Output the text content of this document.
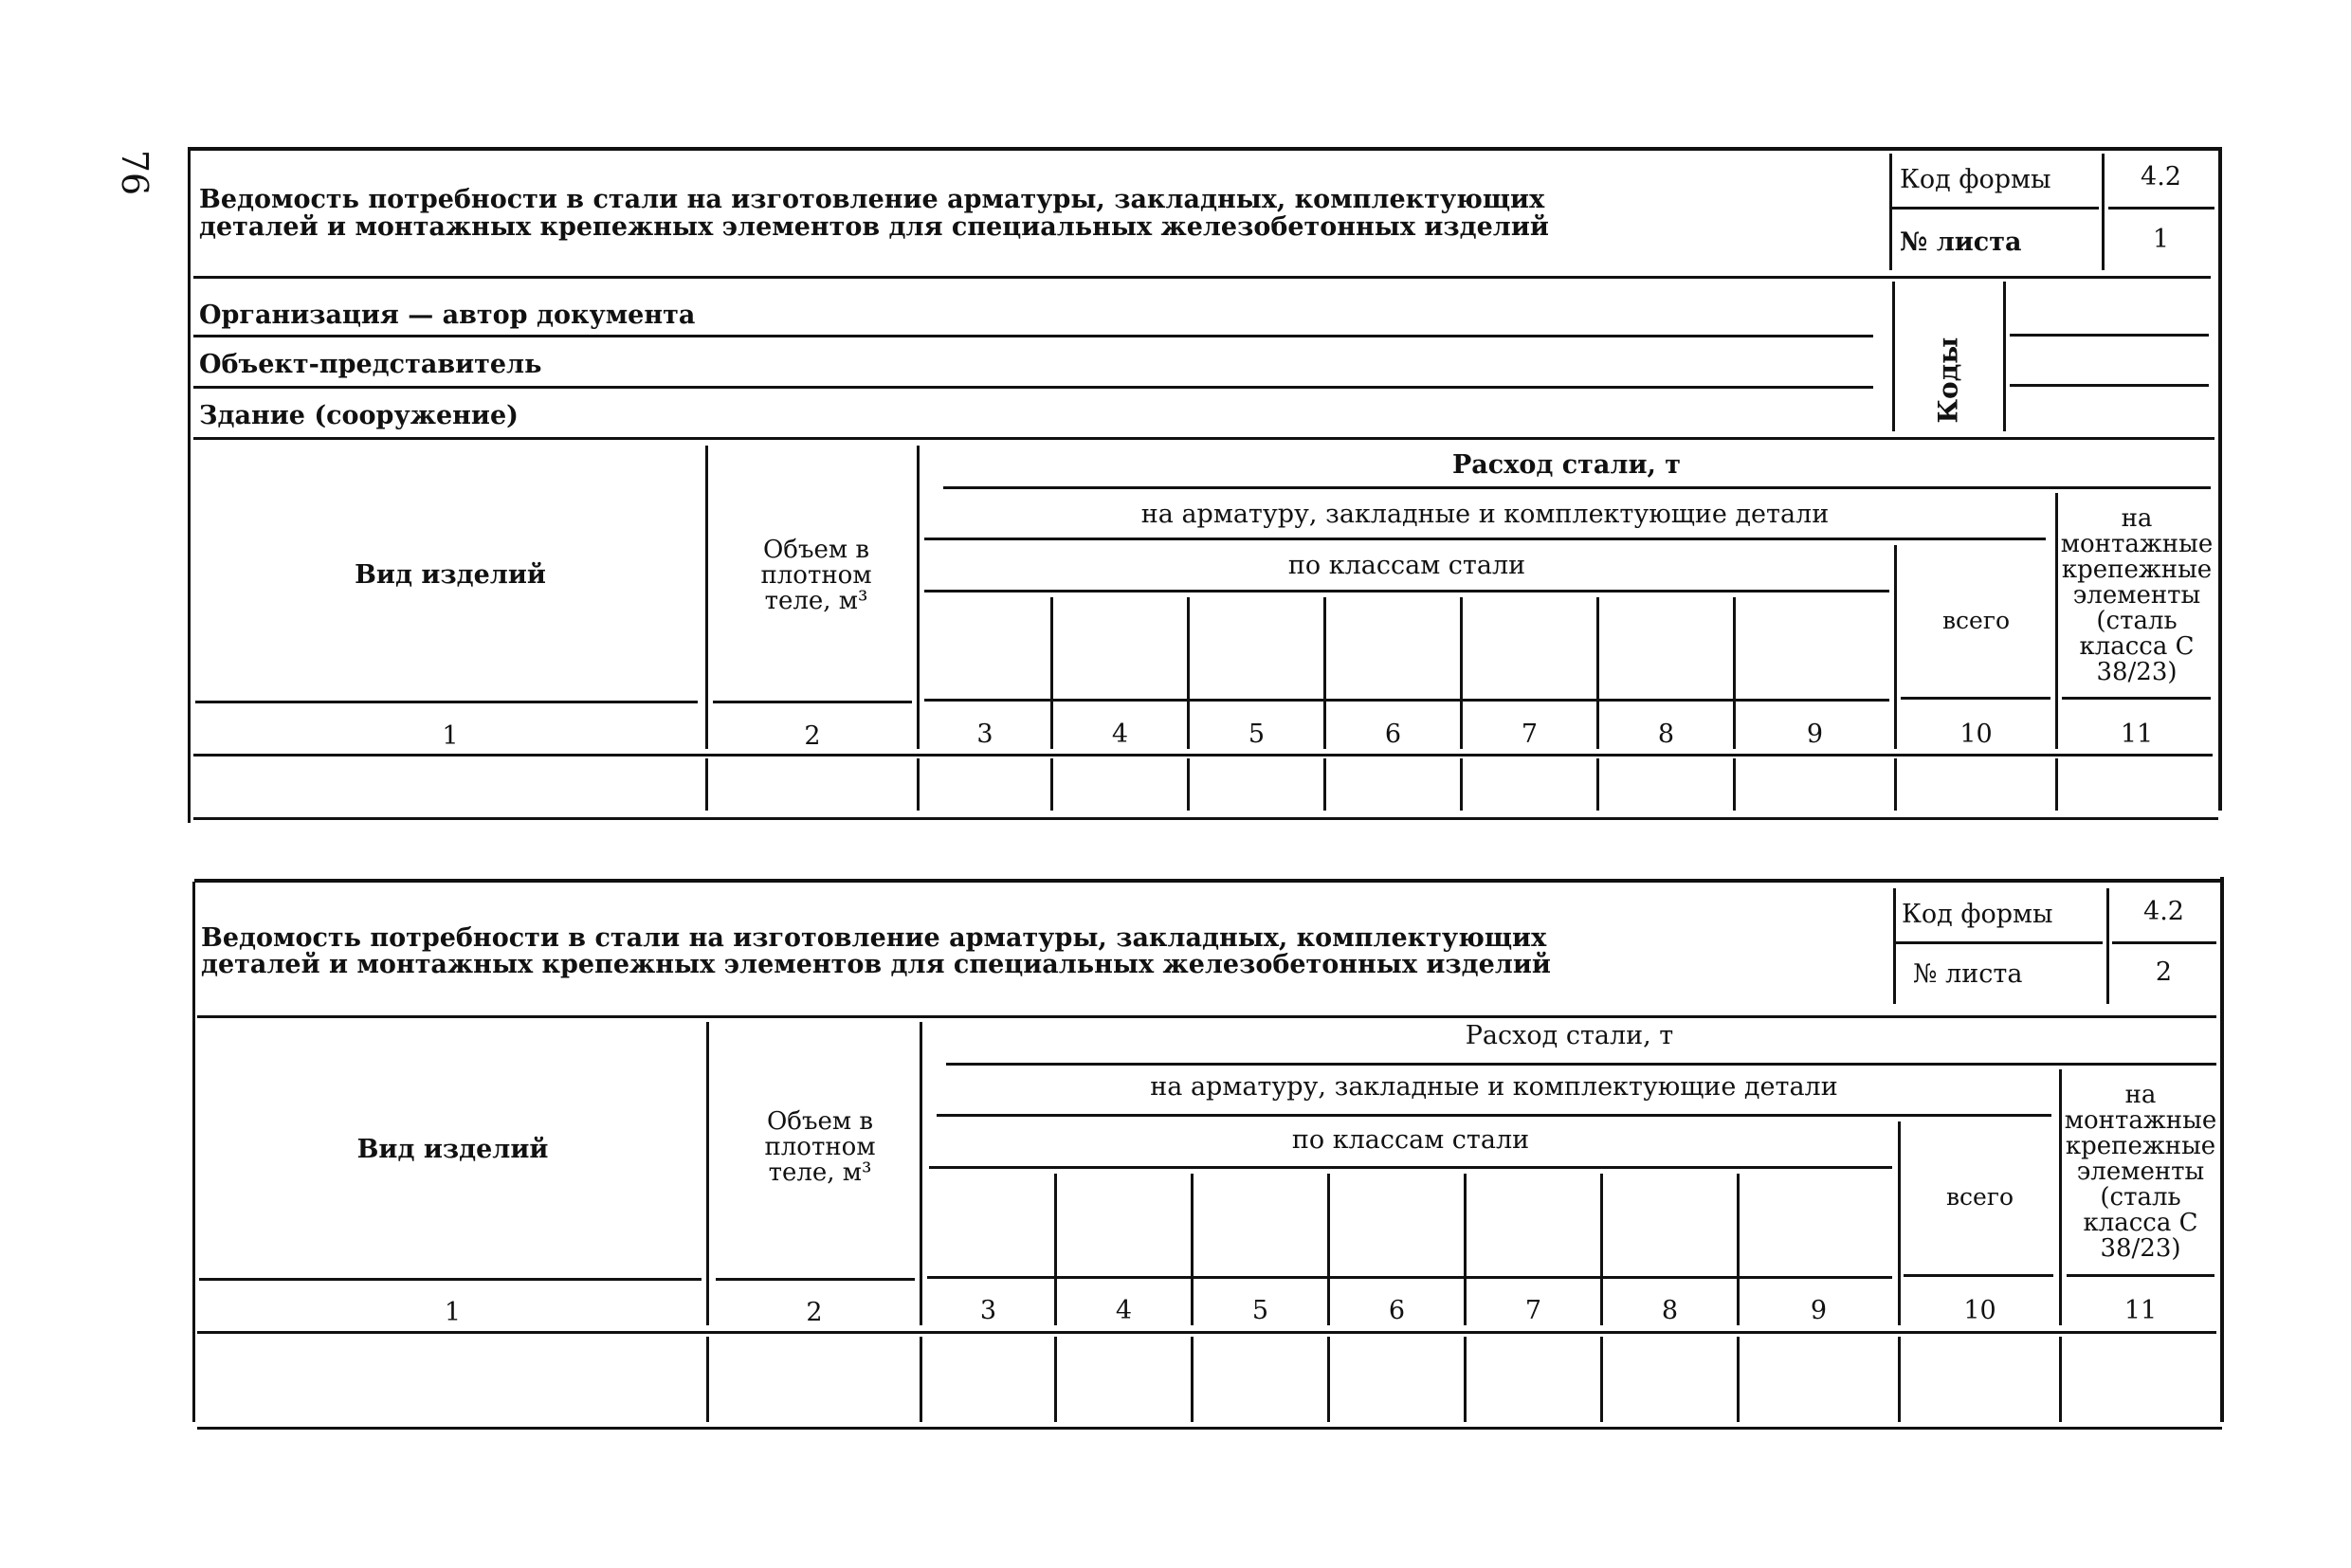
76
Ведомость потребности в стали на изготовление арматуры, закладных, комплектующих
деталей и монтажных крепежных элементов для специальных железобетонных изделий
Код формы	4.2
№ листа	1
Организация — автор документа
Объект-представитель
Здание (сооружение)	Коды
Вид изделий
Объем в плотном теле, м³
Расход стали, т
на арматуру, закладные и комплектующие детали
по классам стали
всего
на монтажные крепежные элементы (сталь класса С 38/23)
1	2	3	4	5	6	7	8	9	10	11
Ведомость потребности в стали на изготовление арматуры, закладных, комплектующих
деталей и монтажных крепежных элементов для специальных железобетонных изделий
Код формы	4.2
№ листа	2
Вид изделий
Объем в плотном теле, м³
Расход стали, т
на арматуру, закладные и комплектующие детали
по классам стали
всего
на монтажные крепежные элементы (сталь класса С 38/23)
1	2	3	4	5	6	7	8	9	10	11
